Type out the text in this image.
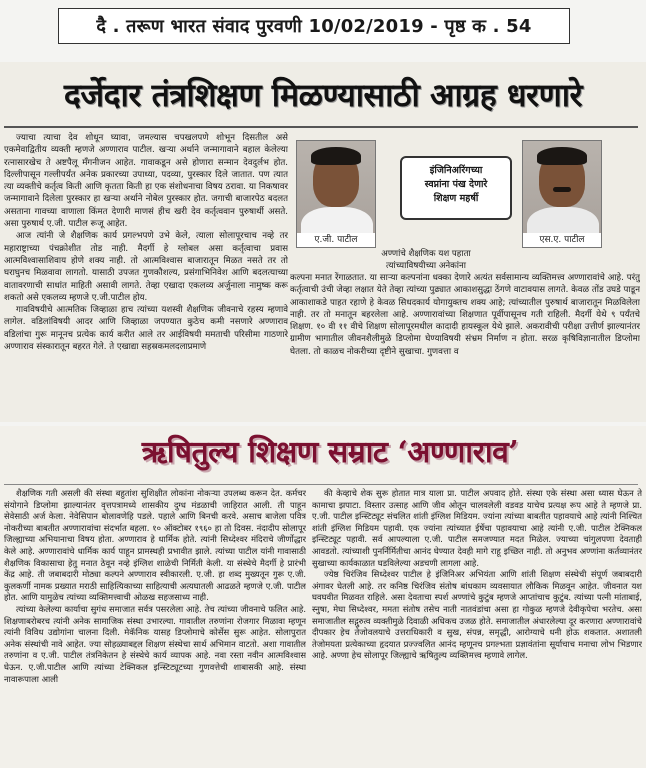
दै . तरूण भारत संवाद पुरवणी 10/02/2019 - पृष्ठ क . 54
दर्जेदार तंत्रशिक्षण मिळण्यासाठी आग्रह धरणारे

ज्याचा त्याचा देव शोधून घ्यावा, जमल्यास चपखलपणे शोभून दिसतील असे एकमेवाद्वितीय व्यक्ती म्हणजे अण्णाराव पाटील. खऱ्या अर्थाने जन्मागावाने बहाल केलेल्या रत्नासारखेच ते अष्टपैलू मँगनीजन आहेत. गावाकडून असे होणारा सन्मान देवदुर्लभ होत. दिल्लीपासून गल्लीपर्यंत अनेक प्रकारच्या उपाध्या, पदव्या, पुरस्कार दिले जातात. पण त्यात त्या व्यक्तीचे कर्तृत्व किती आणि कृतता किती हा एक संशोधनाचा विषय ठरावा. या निकषावर जन्मागावाने दिलेला पुरस्कार हा खऱ्या अर्थाने नोबेल पुरस्कार होत. जगाची बाजारपेठ बदलत असताना गावच्या वाणाला किंमत देणारी माणसं हीच खरी देव कर्तृत्ववान पुरुषार्थी असते. असा पुरुषार्थ ए.जी. पाटील रूजू आहेत.

आज त्यांनी जे शैक्षणिक कार्य प्रगल्भपणे उभे केले, त्याला सोलापूरचाच नव्हे तर महाराष्ट्राच्या पंचक्रोशीत तोड नाही. मैदर्गी हे ग्लोबल असा कर्तृत्वाचा प्रवास आत्मविश्वासाशिवाय होणे शक्य नाही. तो आत्मविश्वास बाजारातून मिळत नसते तर तो घराघुनच मिळवावा लागतो. यासाठी उपजत गुणकौशल्य, प्रसंगाभिनिवेश आणि बदलत्याच्या वातावरणाची साधांत माहिती असावी लागते. तेव्हा एखादा एकलव्य अर्जुनाला नामुष्क करू शकतो असे एकलव्य म्हणजे ए.जी.पाटील होय.

गावविषयीचे आत्मतिक जिव्हाळा हाच त्यांच्या यशस्वी शैक्षणिक जीवनाचे रहस्य म्हणावे लागेल. वडिलांविषयी आदर आणि जिव्हाळा जपण्यात कुठेच कमी नसणारे अण्णाराव वडिलांचा गुरू मानूनच प्रत्येक कार्य करीत आले तर आईविषयी ममताची परिसीमा गाठणारे अण्णाराव संस्कारातून बहरत गेले. ते एखाद्या सहस्रकमलदलाप्रमाणे

ए.जी. पाटील
इंजिनिअरिंगच्या
स्वप्नांना पंख देणारे
शिक्षण महर्षी
एस.ए. पाटील
अण्णांचे शैक्षणिक यश पहाता त्यांच्याविषयीच्या अनेकांना
कल्पना मनात रेंगाळतात. या साऱ्या कल्पनांना धक्का देणारे अत्यंत सर्वसामान्य व्यक्तिमत्त्व अण्णारावांचे आहे. परंतु कर्तृत्वाची उंची जेव्हा लक्षात येते तेव्हा त्यांच्या पुढ्यात आकाशसुद्धा ठेंगणे वाटावयास लागते. केवळ तोंड उघडे पाडून आकाशाकडे पाहत रहाणे हे केवळ सिधदकार्य योगायुक्तच शक्य आहे; त्यांच्यातील पुरुषार्थ बाजारातून मिळविलेला नाही. तर तो मनातून बहरलेला आहे. अण्णारावांच्या शिक्षणात पूर्वीपासूनच गती राहिली. मैदर्गी येथे ९ पर्यंतचे शिक्षण. १० वी ११ वीचे शिक्षण सोलापूरमधील कादादी हायस्कूल येथे झाले. अकरावीची परीक्षा उत्तीर्ण झाल्यानंतर ग्रामीण भागातील जीवनशैलीमुळे डिप्लोमा घेण्याविषयी संभ्रम निर्माण न होता. सरळ कृषिविज्ञानातील डिप्लोमा घेतला. तो काळच नोकरीच्या दृष्टीने सुखाचा. गुणवत्ता व
ऋषितुल्य शिक्षण सम्राट ‘अण्णाराव’

शैक्षणिक गती असली की संस्था बहुतांश सुशिक्षीत लोकांना नोकऱ्या उपलब्ध करून देत. कर्मचर संयोगाने डिप्लोमा झाल्यानंतर वृत्तपत्रामध्ये शासकीय दुग्ध मंडळाची जाहिरात आली. ती पाहून सेवेसाठी अर्ज केला. नेवेसिपान बोलावणेहि पडले. पहाले आणि बिनची करवे. असाच बाजेला पवित्र नोकरीच्या बाबतीत अण्णारावांचा संदर्भात बहला. १० ऑक्टोबर १९६० हा तो दिवस. नंदादीप सोलापूर जिल्ह्याच्या अभियानाचा विषय होता. अण्णाराव हे धार्मिक होते. त्यांनी सिध्देश्वर मंदिराचे जीर्णोद्धार केले आहे. अण्णारावांचे धार्मिक कार्य पाहून प्रामस्थही प्रभावीत झाले. त्यांच्या पाटील यांनी गावासाठी शैक्षणिक विकासाचा हेतु मनात ठेवून नव्हे इंग्लिश शाळेची निर्मिती केली. या संस्थेचे मैदर्गी हे प्रारंभी केंद्र आहे. ती जबाबदारी मोठ्या कल्पने अण्णाराव स्वीकारली. ए.जी. हा शब्द मुख्यतून गुरू ए.जी. कुलकर्णी नामक प्रख्यात मराठी साहित्यिकाच्या साहित्याची अत्यघातली आढळते म्हणजे ए.जी. पाटील होत. आणि यामुळेच त्यांच्या व्यक्तिमत्त्वाची ओळख सहजसाध्य नाही.

त्यांच्या केलेल्या कार्याचा सुगंध समाजात सर्वत्र पसरलेला आहे. तेच त्यांच्या जीवनाचे फलित आहे. शिक्षणाबरोबरच त्यांनी अनेक सामाजिक संस्था उभारल्या. गावातील तरुणांना रोजगार मिळावा म्हणून त्यांनी विविध उद्योगांना चालना दिली. मेकॅनिक यासह डिप्लोमाचे कोर्सेस सुरू आहेत. सोलापुरात अनेक संस्थांची नावे आहेत. ज्या सोहळ्याबद्दल शिक्षण संस्थेचा सार्थ अभिमान वाटतो. अशा गावातील तरुणांना व ए.जी. पाटील तंत्रनिकेतन हे संस्थेचे कार्य व्यापक आहे. नवा रस्ता नवीन आत्मविश्वास घेऊन. ए.जी.पाटील आणि त्यांच्या टेक्निकल इन्स्टिट्यूटच्या गुणवत्तेची शाबासकी आहे. संस्था नावारूपाला आली

की केव्हाचे शेक सुरू होतात मात्र याला प्रा. पाटील अपवाद होते. संस्था एके संस्था असा ध्यास घेऊन ते कामाचा झपाटा. विस्तार उत्साह आणि जीव ओतून चालवलेली वडवड याचेच प्रत्यक्ष रूप आहे ते म्हणजे प्रा. ए.जी. पाटील इन्स्टिट्यूट संचलित शांती इंग्लिश मिडियम. ज्यांना त्यांच्या बाबतीत पहावयाचे आहे त्यांनी निश्चित शांती इंग्लिश मिडियम पहावी. एक ज्यांना त्यांच्यात ईर्षेचा पहावयाचा आहे त्यांनी ए.जी. पाटील टेक्निकल इन्स्टिट्यूट पहावी. सर्व आपल्याला ए.जी. पाटील समजण्यात मदत मिळेल. ज्याच्या चांगुलपणा देवताही आवडतो. त्यांच्याशी पुनर्निर्मितीचा आनंद घेण्यात देवही मागे राहू इच्छित नाही. तो अनुभव अण्णांना कर्तव्यानंतर सुखाच्या कार्यकाळात घडविलेल्या अडचणी लागला आहे.

ज्येष्ठ चिरंजिव सिध्देश्वर पाटील हे इंजिनिअर अभियंता आणि शांती शिक्षण संस्थेची संपूर्ण जबाबदारी अंगावर घेतली आहे. तर कनिष्ठ चिरंजिव संतोष बांधकाम व्यवसायात लौकिक मिळवून आहेत. जीवनात यश घवघवीत मिळवत राहिले. असा देवताचा स्पर्श अण्णांचे कुटुंब म्हणजे आप्तांचाच कुटुंब. त्यांच्या पत्नी मांताबाई, स्नुषा, मेघा सिध्देश्वर, ममता संतोष तसेच नाती नातवंडांचा असा हा गोकुळ म्हणजे देवीकृपेचा भरतेच. असा समाजातील सद्गुरुत्व व्यक्तीमुळे दिवाळी अधिकच उजळ होते. समाजातील अंधारलेल्या दूर करणारा अण्णारावांचे दीपकार हेच तेजोवलयाचे उत्तराधिकारी व सुख, संपन्न, समृद्धी, आरोग्याचे धनी होऊ शकतात. अशातली तेजोमयता प्रत्येकाच्या हृदयात प्रज्ज्वलित आनंद म्हणूनच प्रगल्भता प्रज्ञावंतांना सूर्याचाच मनाचा लोभ भिडणार आहे. अण्णा हेच सोलापूर जिल्ह्याचे ऋषितुल्य व्यक्तिमत्त्व म्हणावे लागेल.
